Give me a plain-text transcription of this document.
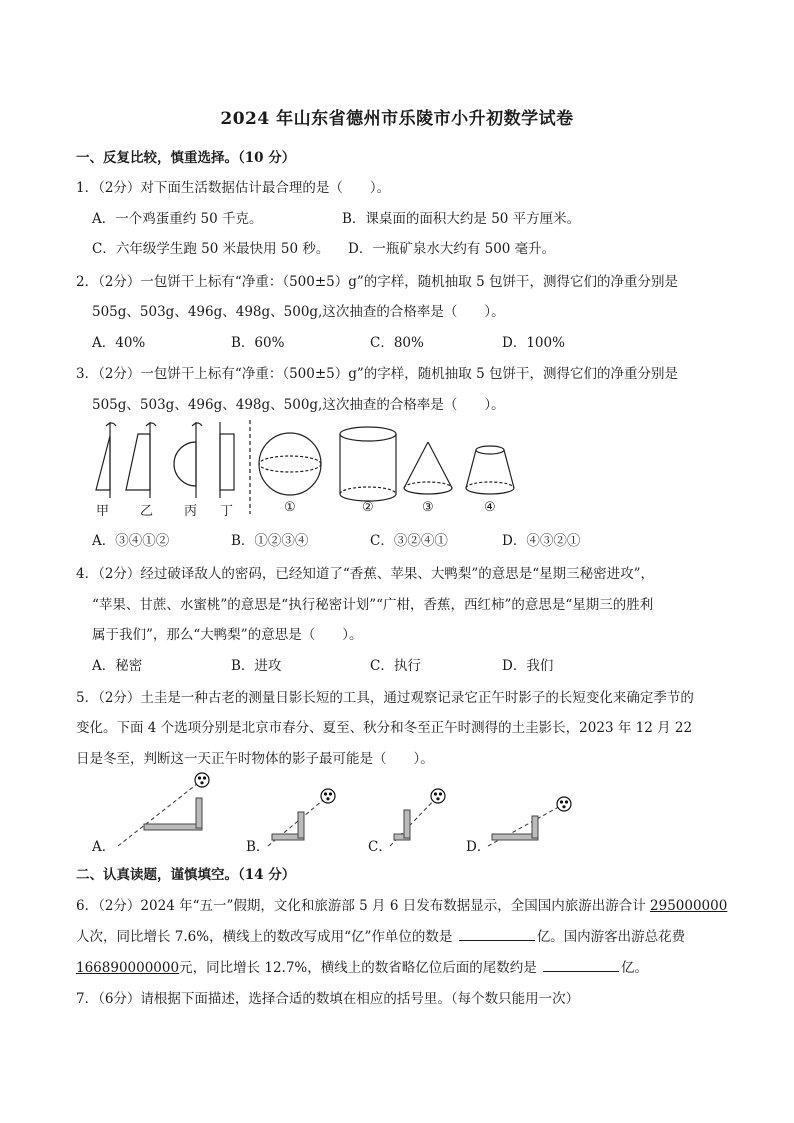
2024 年山东省德州市乐陵市小升初数学试卷
一、反复比较，慎重选择。（10 分）
1．（2分）对下面生活数据估计最合理的是（　　）。
A．一个鸡蛋重约 50 千克。	B．课桌面的面积大约是 50 平方厘米。
C．六年级学生跑 50 米最快用 50 秒。 D．一瓶矿泉水大约有 500 毫升。
2．（2分）一包饼干上标有“净重：（500±5）g”的字样，随机抽取 5 包饼干，测得它们的净重分别是
505g、503g、496g、498g、500g,这次抽查的合格率是（　　）。
A．40%	B．60%	C．80%	D．100%
3．（2分）一包饼干上标有“净重：（500±5）g”的字样，随机抽取 5 包饼干，测得它们的净重分别是
505g、503g、496g、498g、500g,这次抽查的合格率是（　　）。
甲 乙 丙 丁	①	②	③	④
A．③④①②	B．①②③④	C．③②④①	D．④③②①
4．（2分）经过破译敌人的密码，已经知道了“香蕉、苹果、大鸭梨”的意思是“星期三秘密进攻”，
“苹果、甘蔗、水蜜桃”的意思是“执行秘密计划”“广柑，香蕉，西红柿”的意思是“星期三的胜利
属于我们”，那么“大鸭梨”的意思是（　　）。
A．秘密	B．进攻	C．执行	D．我们
5．（2分）土圭是一种古老的测量日影长短的工具，通过观察记录它正午时影子的长短变化来确定季节的
变化。下面 4 个选项分别是北京市春分、夏至、秋分和冬至正午时测得的土圭影长，2023 年 12 月 22
日是冬至，判断这一天正午时物体的影子最可能是（　　）。
A．	B．	C．	D．
二、认真读题，谨慎填空。（14 分）
6．（2分）2024 年“五一”假期，文化和旅游部 5 月 6 日发布数据显示，全国国内旅游出游合计 295000000
人次，同比增长 7.6%，横线上的数改写成用“亿”作单位的数是	亿。国内游客出游总花费
166890000000元，同比增长 12.7%，横线上的数省略亿位后面的尾数约是	亿。
7．（6分）请根据下面描述，选择合适的数填在相应的括号里。（每个数只能用一次）
